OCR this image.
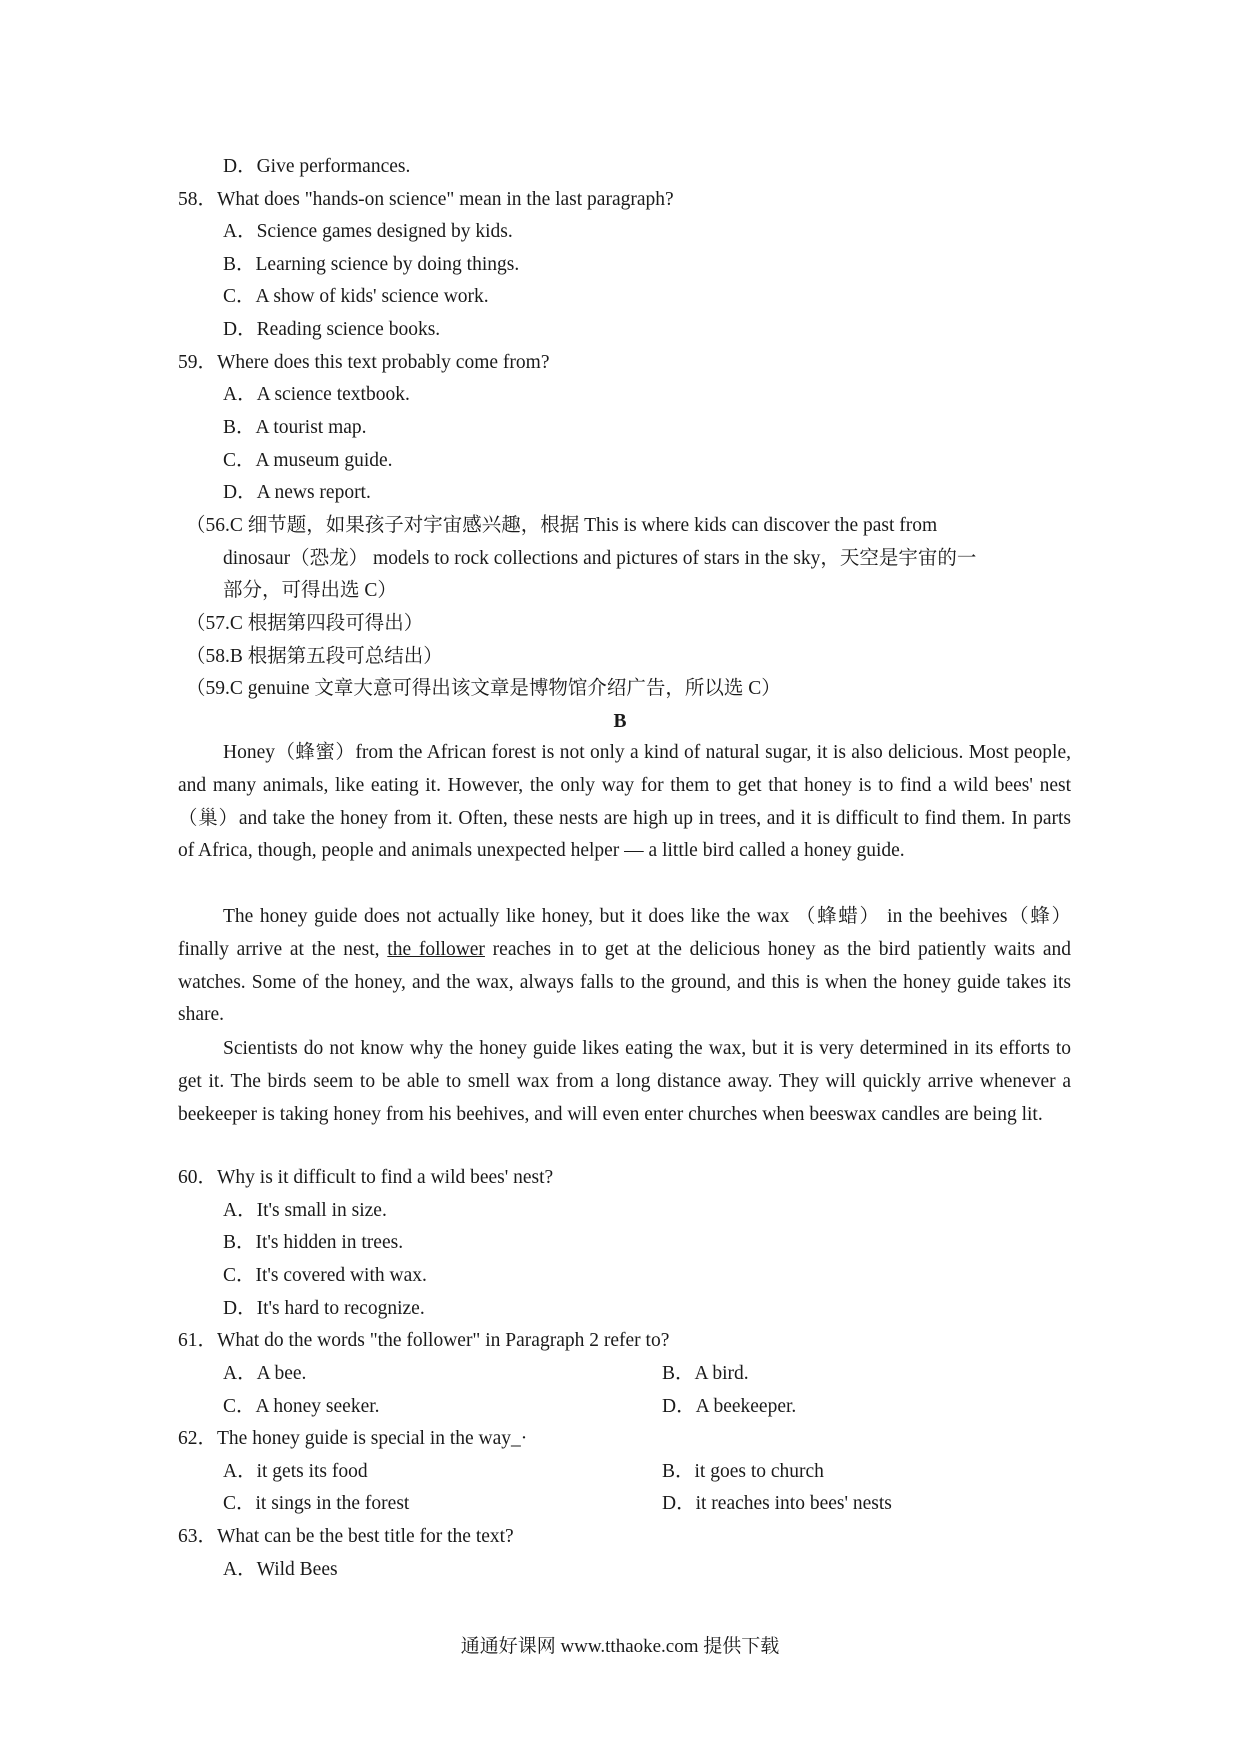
D．Give performances.
58．What does "hands-on science" mean in the last paragraph?
A．Science games designed by kids.
B．Learning science by doing things.
C．A show of kids' science work.
D．Reading science books.
59．Where does this text probably come from?
A．A science textbook.
B．A tourist map.
C．A museum guide.
D．A news report.
（56.C 细节题，如果孩子对宇宙感兴趣，根据 This is where kids can discover the past from
dinosaur（恐龙） models to rock collections and pictures of stars in the sky，天空是宇宙的一
部分，可得出选 C）
（57.C 根据第四段可得出）
（58.B 根据第五段可总结出）
（59.C genuine 文章大意可得出该文章是博物馆介绍广告，所以选 C）
B

Honey（蜂蜜）from the African forest is not only a kind of natural sugar, it is also delicious. Most people, and many animals, like eating it. However, the only way for them to get that honey is to find a wild bees' nest（巢）and take the honey from it. Often, these nests are high up in trees, and it is difficult to find them. In parts of Africa, though, people and animals unexpected helper — a little bird called a honey guide.

The honey guide does not actually like honey, but it does like the wax （蜂蜡） in the beehives（蜂）finally arrive at the nest, the follower reaches in to get at the delicious honey as the bird patiently waits and watches. Some of the honey, and the wax, always falls to the ground, and this is when the honey guide takes its share.

Scientists do not know why the honey guide likes eating the wax, but it is very determined in its efforts to get it. The birds seem to be able to smell wax from a long distance away. They will quickly arrive whenever a beekeeper is taking honey from his beehives, and will even enter churches when beeswax candles are being lit.

60．Why is it difficult to find a wild bees' nest?
A．It's small in size.
B．It's hidden in trees.
C．It's covered with wax.
D．It's hard to recognize.
61．What do the words "the follower" in Paragraph 2 refer to?
A．A bee.	B．A bird.
C．A honey seeker.	D．A beekeeper.
62．The honey guide is special in the way_·
A．it gets its food	B．it goes to church
C．it sings in the forest	D．it reaches into bees' nests
63．What can be the best title for the text?
A．Wild Bees
通通好课网 www.tthaoke.com 提供下载
